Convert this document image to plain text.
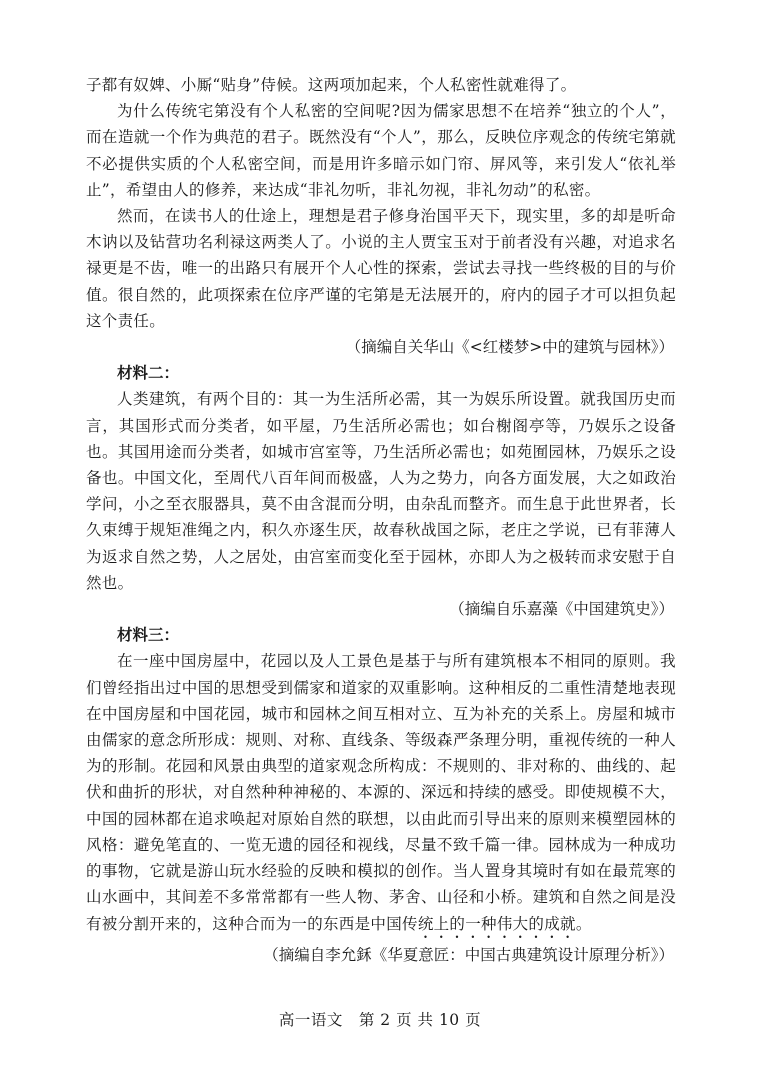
子都有奴婢、小厮“贴身”侍候。这两项加起来，个人私密性就难得了。

为什么传统宅第没有个人私密的空间呢?因为儒家思想不在培养“独立的个人”，而在造就一个作为典范的君子。既然没有“个人”，那么，反映位序观念的传统宅第就不必提供实质的个人私密空间，而是用许多暗示如门帘、屏风等，来引发人“依礼举止”，希望由人的修养，来达成“非礼勿听，非礼勿视，非礼勿动”的私密。

然而，在读书人的仕途上，理想是君子修身治国平天下，现实里，多的却是听命木讷以及钻营功名利禄这两类人了。小说的主人贾宝玉对于前者没有兴趣，对追求名禄更是不齿，唯一的出路只有展开个人心性的探索，尝试去寻找一些终极的目的与价值。很自然的，此项探索在位序严谨的宅第是无法展开的，府内的园子才可以担负起这个责任。

（摘编自关华山《<红楼梦>中的建筑与园林》）

材料二：

人类建筑，有两个目的：其一为生活所必需，其一为娱乐所设置。就我国历史而言，其国形式而分类者，如平屋，乃生活所必需也；如台榭阁亭等，乃娱乐之设备也。其国用途而分类者，如城市宫室等，乃生活所必需也；如苑囿园林，乃娱乐之设备也。中国文化，至周代八百年间而极盛，人为之势力，向各方面发展，大之如政治学问，小之至衣服器具，莫不由含混而分明，由杂乱而整齐。而生息于此世界者，长久束缚于规矩准绳之内，积久亦逐生厌，故春秋战国之际，老庄之学说，已有菲薄人为返求自然之势，人之居处，由宫室而变化至于园林，亦即人为之极转而求安慰于自然也。

（摘编自乐嘉藻《中国建筑史》）

材料三：

在一座中国房屋中，花园以及人工景色是基于与所有建筑根本不相同的原则。我们曾经指出过中国的思想受到儒家和道家的双重影响。这种相反的二重性清楚地表现在中国房屋和中国花园，城市和园林之间互相对立、互为补充的关系上。房屋和城市由儒家的意念所形成：规则、对称、直线条、等级森严条理分明，重视传统的一种人为的形制。花园和风景由典型的道家观念所构成：不规则的、非对称的、曲线的、起伏和曲折的形状，对自然种种神秘的、本源的、深远和持续的感受。即使规模不大，中国的园林都在追求唤起对原始自然的联想，以由此而引导出来的原则来模塑园林的风格：避免笔直的、一览无遗的园径和视线，尽量不致千篇一律。园林成为一种成功的事物，它就是游山玩水经验的反映和模拟的创作。当人置身其境时有如在最荒寒的山水画中，其间差不多常常都有一些人物、茅舍、山径和小桥。建筑和自然之间是没有被分割开来的，这种合而为一的东西是中国传统上的一种伟大的成就。

（摘编自李允鉌《华夏意匠：中国古典建筑设计原理分析》）

高一语文　第 2 页 共 10 页
